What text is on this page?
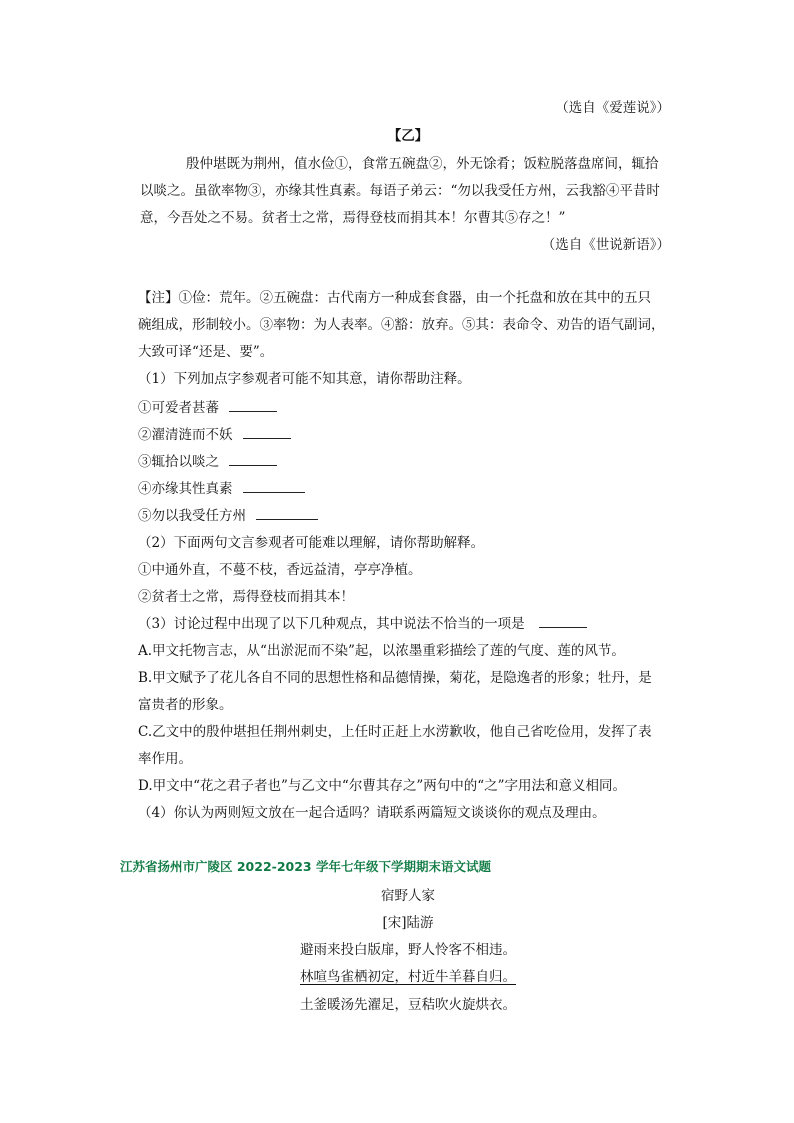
（选自《爱莲说》）
【乙】
殷仲堪既为荆州，值水俭①，食常五碗盘②，外无馀肴；饭粒脱落盘席间，辄拾
以啖之。虽欲率物③，亦缘其性真素。每语子弟云：“勿以我受任方州，云我豁④平昔时
意，今吾处之不易。贫者士之常，焉得登枝而捐其本！尔曹其⑤存之！”
（选自《世说新语》）
【注】①俭：荒年。②五碗盘：古代南方一种成套食器，由一个托盘和放在其中的五只
碗组成，形制较小。③率物：为人表率。④豁：放弃。⑤其：表命令、劝告的语气副词，
大致可译“还是、要”。
（1）下列加点字参观者可能不知其意，请你帮助注释。
①可爱者甚蕃
②濯清涟而不妖
③辄拾以啖之
④亦缘其性真素
⑤勿以我受任方州
（2）下面两句文言参观者可能难以理解，请你帮助解释。
①中通外直，不蔓不枝，香远益清，亭亭净植。
②贫者士之常，焉得登枝而捐其本！
（3）讨论过程中出现了以下几种观点，其中说法不恰当的一项是
A.甲文托物言志，从“出淤泥而不染”起，以浓墨重彩描绘了莲的气度、莲的风节。
B.甲文赋予了花儿各自不同的思想性格和品德情操，菊花，是隐逸者的形象；牡丹，是
富贵者的形象。
C.乙文中的殷仲堪担任荆州刺史，上任时正赶上水涝歉收，他自己省吃俭用，发挥了表
率作用。
D.甲文中“花之君子者也”与乙文中“尔曹其存之”两句中的“之”字用法和意义相同。
（4）你认为两则短文放在一起合适吗？请联系两篇短文谈谈你的观点及理由。
江苏省扬州市广陵区 2022-2023 学年七年级下学期期末语文试题
宿野人家
[宋]陆游
避雨来投白版扉，野人怜客不相违。
林喧鸟雀栖初定，村近牛羊暮自归。
土釜暖汤先濯足，豆秸吹火旋烘衣。
